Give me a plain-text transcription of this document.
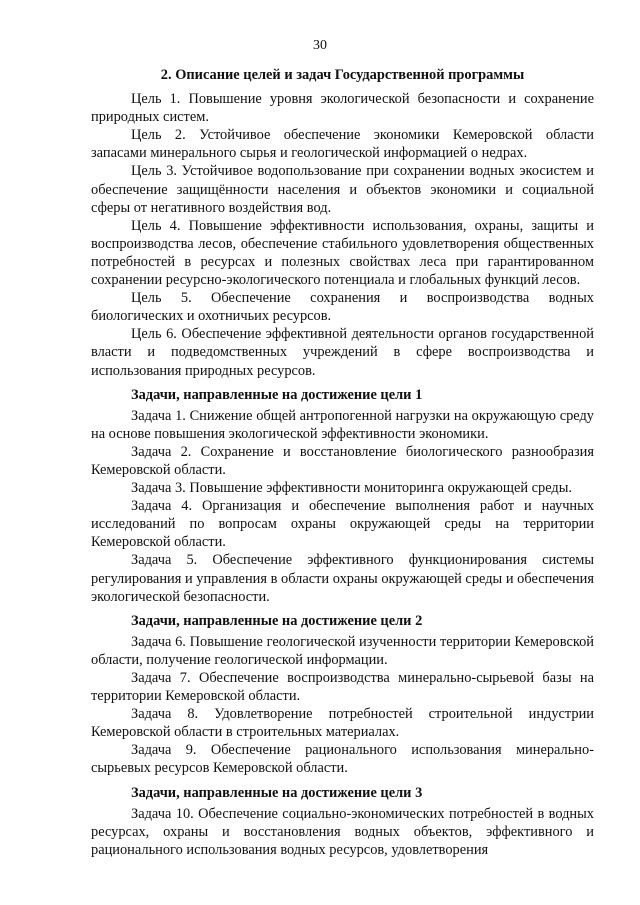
30
2. Описание целей и задач Государственной программы

Цель 1. Повышение уровня экологической безопасности и сохранение природных систем.

Цель 2. Устойчивое обеспечение экономики Кемеровской области запасами минерального сырья и геологической информацией о недрах.

Цель 3. Устойчивое водопользование при сохранении водных экосистем и обеспечение защищённости населения и объектов экономики и социальной сферы от негативного воздействия вод.

Цель 4. Повышение эффективности использования, охраны, защиты и воспроизводства лесов, обеспечение стабильного удовлетворения общественных потребностей в ресурсах и полезных свойствах леса при гарантированном сохранении ресурсно-экологического потенциала и глобальных функций лесов.

Цель 5. Обеспечение сохранения и воспроизводства водных биологических и охотничьих ресурсов.

Цель 6. Обеспечение эффективной деятельности органов государственной власти и подведомственных учреждений в сфере воспроизводства и использования природных ресурсов.

Задачи, направленные на достижение цели 1

Задача 1. Снижение общей антропогенной нагрузки на окружающую среду на основе повышения экологической эффективности экономики.

Задача 2. Сохранение и восстановление биологического разнообразия Кемеровской области.

Задача 3. Повышение эффективности мониторинга окружающей среды.

Задача 4. Организация и обеспечение выполнения работ и научных исследований по вопросам охраны окружающей среды на территории Кемеровской области.

Задача 5. Обеспечение эффективного функционирования системы регулирования и управления в области охраны окружающей среды и обеспечения экологической безопасности.

Задачи, направленные на достижение цели 2

Задача 6. Повышение геологической изученности территории Кемеровской области, получение геологической информации.

Задача 7. Обеспечение воспроизводства минерально-сырьевой базы на территории Кемеровской области.

Задача 8. Удовлетворение потребностей строительной индустрии Кемеровской области в строительных материалах.

Задача 9. Обеспечение рационального использования минерально-сырьевых ресурсов Кемеровской области.

Задачи, направленные на достижение цели 3

Задача 10. Обеспечение социально-экономических потребностей в водных ресурсах, охраны и восстановления водных объектов, эффективного и рационального использования водных ресурсов, удовлетворения
